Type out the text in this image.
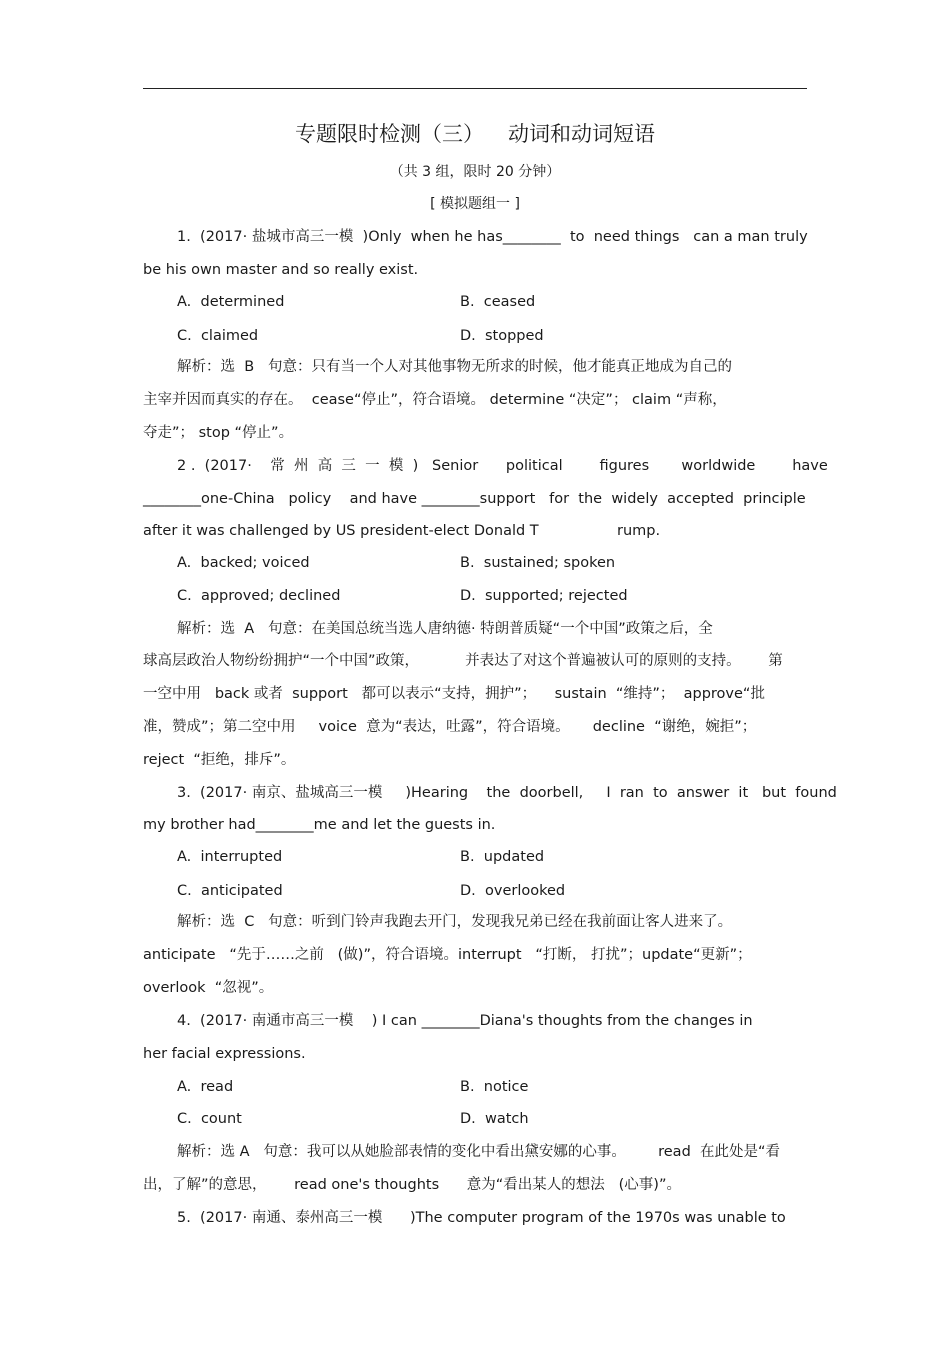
专题限时检测（三） 动词和动词短语
（共 3 组，限时 20 分钟）
[ 模拟题组一 ]
1.  (2017· 盐城市高三一模  )Only  when he has________  to  need things   can a man truly
be his own master and so really exist.
A.  determined	B.  ceased
C.  claimed	D.  stopped
解析：选  B   句意：只有当一个人对其他事物无所求的时候，他才能真正地成为自己的
主宰并因而真实的存在。  cease“停止”，符合语境。 determine “决定”； claim “声称，
夺走”； stop “停止”。
2 .  (2017·    常  州  高  三  一  模  )   Senior      political        figures       worldwide        have
________one-China   policy    and have ________support   for  the  widely  accepted  principle
after it was challenged by US president-elect Donald T                 rump.
A.  backed; voiced	B.  sustained; spoken
C.  approved; declined	D.  supported; rejected
解析：选  A   句意：在美国总统当选人唐纳德· 特朗普质疑“一个中国”政策之后，全
球高层政治人物纷纷拥护“一个中国”政策，          并表达了对这个普遍被认可的原则的支持。      第
一空中用   back 或者  support   都可以表示“支持，拥护”；    sustain  “维持”；  approve“批
准，赞成”；第二空中用     voice  意为“表达，吐露”，符合语境。     decline  “谢绝，婉拒”；
reject  “拒绝，排斥”。
3.  (2017· 南京、盐城高三一模     )Hearing    the  doorbell,     I  ran  to  answer  it   but  found
my brother had________me and let the guests in.
A.  interrupted	B.  updated
C.  anticipated	D.  overlooked
解析：选  C   句意：听到门铃声我跑去开门，发现我兄弟已经在我前面让客人进来了。
anticipate   “先于……之前   (做)”，符合语境。interrupt   “打断， 打扰”；update“更新”；
overlook  “忽视”。
4.  (2017· 南通市高三一模    ) I can ________Diana's thoughts from the changes in
her facial expressions.
A.  read	B.  notice
C.  count	D.  watch
解析：选 A   句意：我可以从她脸部表情的变化中看出黛安娜的心事。       read  在此处是“看
出，了解”的意思，      read one's thoughts      意为“看出某人的想法   (心事)”。
5.  (2017· 南通、泰州高三一模      )The computer program of the 1970s was unable to
